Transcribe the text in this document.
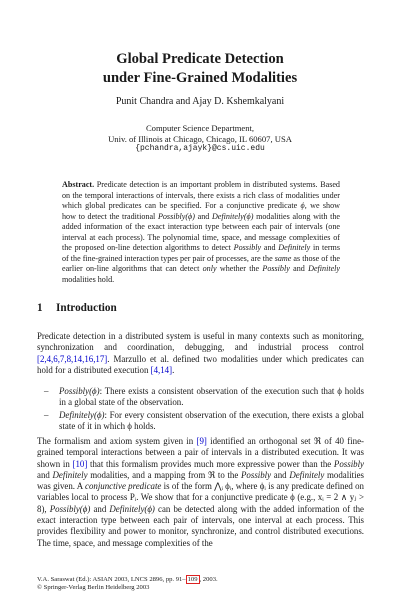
Global Predicate Detection
under Fine-Grained Modalities
Punit Chandra and Ajay D. Kshemkalyani
Computer Science Department,
Univ. of Illinois at Chicago, Chicago, IL 60607, USA
{pchandra,ajayk}@cs.uic.edu
Abstract. Predicate detection is an important problem in distributed systems. Based on the temporal interactions of intervals, there exists a rich class of modalities under which global predicates can be specified. For a conjunctive predicate ϕ, we show how to detect the traditional Possibly(ϕ) and Definitely(ϕ) modalities along with the added information of the exact interaction type between each pair of intervals (one interval at each process). The polynomial time, space, and message complexities of the proposed on-line detection algorithms to detect Possibly and Definitely in terms of the fine-grained interaction types per pair of processes, are the same as those of the earlier on-line algorithms that can detect only whether the Possibly and Definitely modalities hold.
1 Introduction
Predicate detection in a distributed system is useful in many contexts such as monitoring, synchronization and coordination, debugging, and industrial process control [2,4,6,7,8,14,16,17]. Marzullo et al. defined two modalities under which predicates can hold for a distributed execution [4,14].
– Possibly(ϕ): There exists a consistent observation of the execution such that ϕ holds in a global state of the observation.
– Definitely(ϕ): For every consistent observation of the execution, there exists a global state of it in which ϕ holds.
The formalism and axiom system given in [9] identified an orthogonal set ℜ of 40 fine-grained temporal interactions between a pair of intervals in a distributed execution. It was shown in [10] that this formalism provides much more expressive power than the Possibly and Definitely modalities, and a mapping from ℜ to the Possibly and Definitely modalities was given. A conjunctive predicate is of the form ⋀ᵢ ϕᵢ, where ϕᵢ is any predicate defined on variables local to process Pᵢ. We show that for a conjunctive predicate ϕ (e.g., xᵢ = 2 ∧ yⱼ > 8), Possibly(ϕ) and Definitely(ϕ) can be detected along with the added information of the exact interaction type between each pair of intervals, one interval at each process. This provides flexibility and power to monitor, synchronize, and control distributed executions. The time, space, and message complexities of the
V.A. Saraswat (Ed.): ASIAN 2003, LNCS 2896, pp. 91– 109 , 2003.
© Springer-Verlag Berlin Heidelberg 2003
